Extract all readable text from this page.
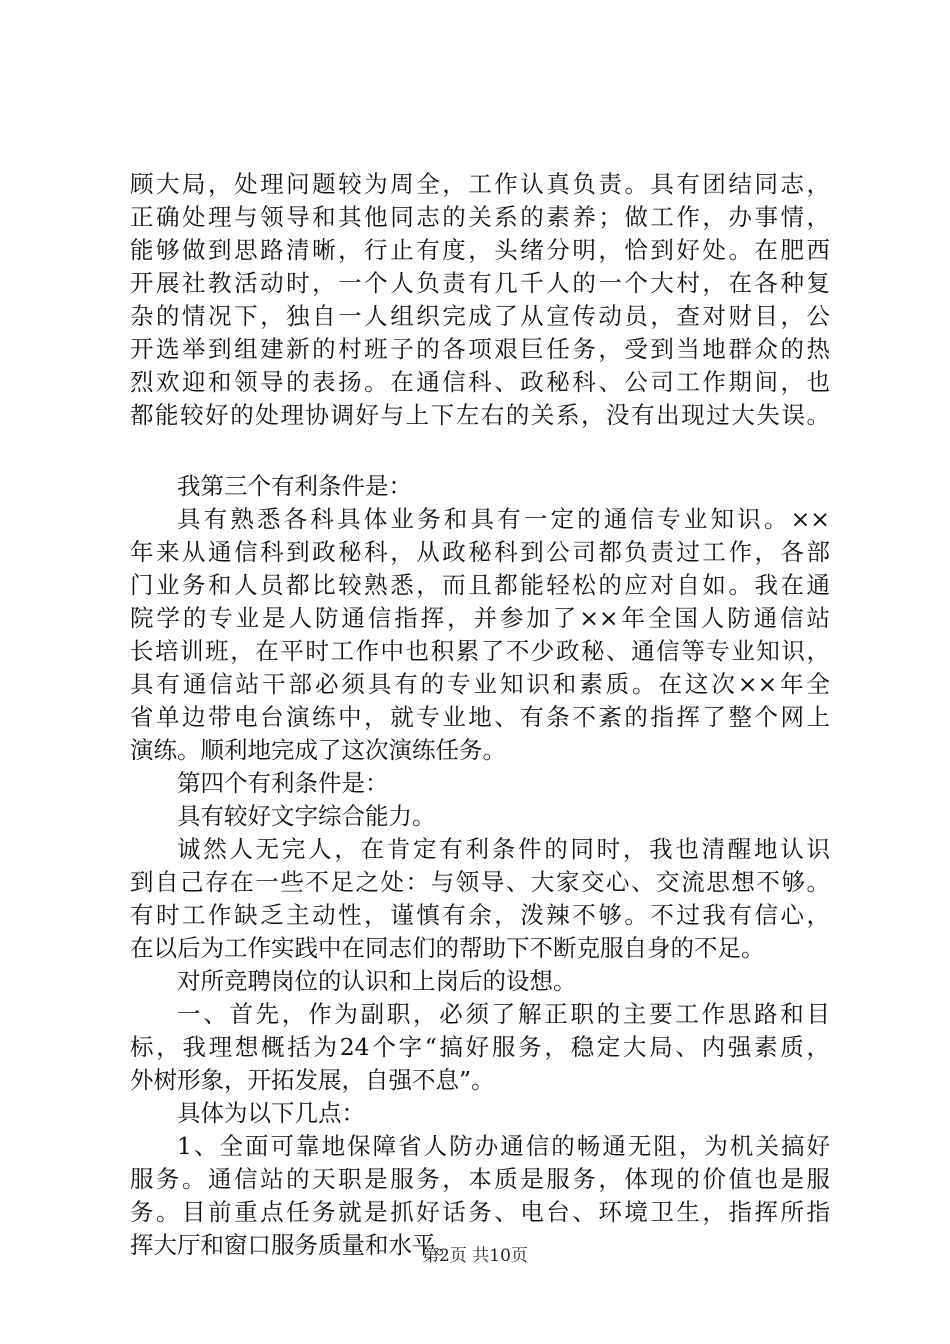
顾大局，处理问题较为周全，工作认真负责。具有团结同志，
正确处理与领导和其他同志的关系的素养；做工作，办事情，
能够做到思路清晰，行止有度，头绪分明，恰到好处。在肥西
开展社教活动时，一个人负责有几千人的一个大村，在各种复
杂的情况下，独自一人组织完成了从宣传动员，查对财目，公
开选举到组建新的村班子的各项艰巨任务，受到当地群众的热
烈欢迎和领导的表扬。在通信科、政秘科、公司工作期间，也
都能较好的处理协调好与上下左右的关系，没有出现过大失误。
我第三个有利条件是：
具有熟悉各科具体业务和具有一定的通信专业知识。××
年来从通信科到政秘科，从政秘科到公司都负责过工作，各部
门业务和人员都比较熟悉，而且都能轻松的应对自如。我在通
院学的专业是人防通信指挥，并参加了××年全国人防通信站
长培训班，在平时工作中也积累了不少政秘、通信等专业知识，
具有通信站干部必须具有的专业知识和素质。在这次××年全
省单边带电台演练中，就专业地、有条不紊的指挥了整个网上
演练。顺利地完成了这次演练任务。
第四个有利条件是：
具有较好文字综合能力。
诚然人无完人，在肯定有利条件的同时，我也清醒地认识
到自己存在一些不足之处：与领导、大家交心、交流思想不够。
有时工作缺乏主动性，谨慎有余，泼辣不够。不过我有信心，
在以后为工作实践中在同志们的帮助下不断克服自身的不足。
对所竞聘岗位的认识和上岗后的设想。
一、首先，作为副职，必须了解正职的主要工作思路和目
标，我理想概括为24个字“搞好服务，稳定大局、内强素质，
外树形象，开拓发展，自强不息”。
具体为以下几点：
1、全面可靠地保障省人防办通信的畅通无阻，为机关搞好
服务。通信站的天职是服务，本质是服务，体现的价值也是服
务。目前重点任务就是抓好话务、电台、环境卫生，指挥所指
挥大厅和窗口服务质量和水平。
第2页 共10页
